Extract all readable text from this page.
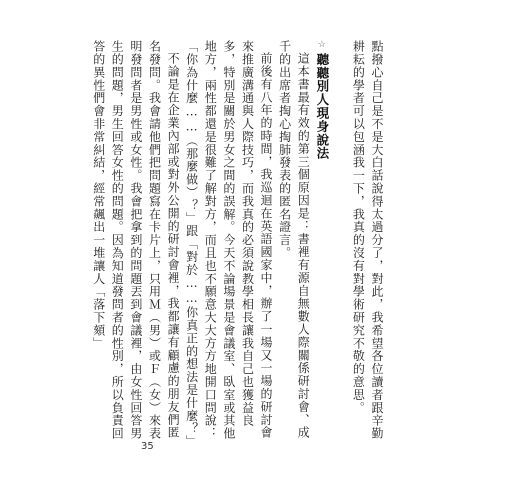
點撥心自己是不是大白話說得太過分了，對此，我希望各位讀者跟辛勤耕耘的學者可以包涵我一下，我真的沒有對學術研究不敬的意思。

☆聽聽別人現身說法

這本書最有效的第三個原因是：書裡有源自無數人際關係研討會、成千的出席者掏心掏肺發表的匿名證言。

前後有八年的時間，我巡迴在英語國家中，辦了一場又一場的研討會來推廣溝通與人際技巧，而我真的必須說教學相長讓我自己也獲益良多，特別是關於男女之間的誤解。今天不論場景是會議室、臥室或其他地方，兩性都還是很難了解對方，而且也不願意大大方方地開口問說：「你為什麼……（那麼做）？」跟「對於……你真正的想法是什麼？」

不論是在企業內部或對外公開的研討會裡，我都讓有顧慮的朋友們匿名發問。我會請他們把問題寫在卡片上，只用Ｍ（男）或Ｆ（女）來表明發問者是男性或女性。我會把拿到的問題丟到會議裡，由女性回答男生的問題，男生回答女性的問題。因為知道發問者的性別，所以負責回答的異性們會非常糾結，經常飆出一堆讓人「落下頦」

35
